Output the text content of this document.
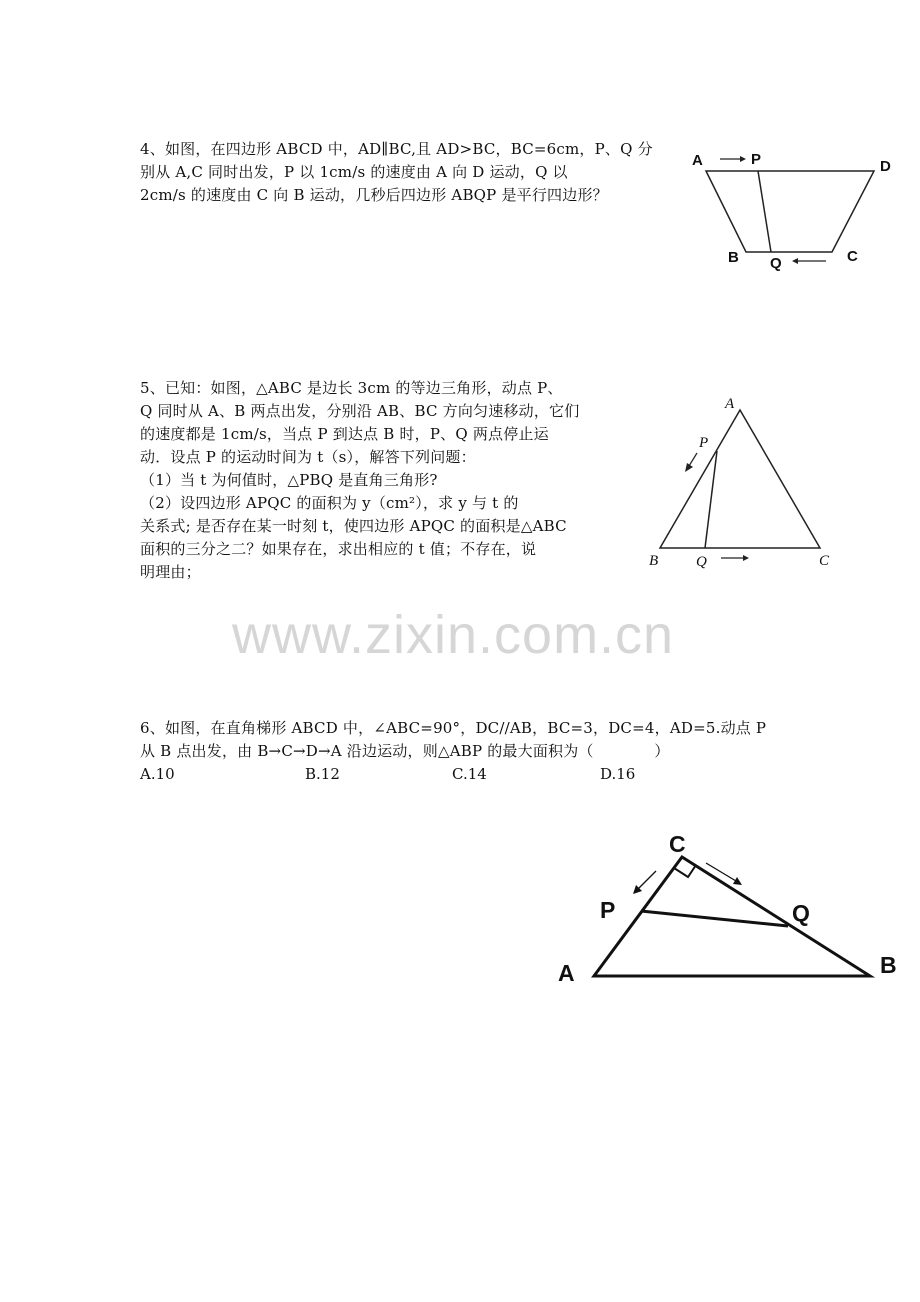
4、如图，在四边形 ABCD 中，AD∥BC,且 AD>BC，BC=6cm，P、Q 分

别从 A,C 同时出发，P 以 1cm/s 的速度由 A 向 D 运动，Q 以

2cm/s 的速度由 C 向 B 运动，几秒后四边形 ABQP 是平行四边形？

A	P	D
B Q	C

5、已知：如图，△ABC 是边长 3cm 的等边三角形，动点 P、

Q 同时从 A、B 两点出发，分别沿 AB、BC 方向匀速移动，它们

的速度都是 1cm/s，当点 P 到达点 B 时，P、Q 两点停止运

动．设点 P 的运动时间为 t（s），解答下列问题：

（1）当 t 为何值时，△PBQ 是直角三角形?

（2）设四边形 APQC 的面积为 y（cm²），求 y 与 t 的

关系式; 是否存在某一时刻 t，使四边形 APQC 的面积是△ABC

面积的三分之二？如果存在，求出相应的 t 值；不存在，说

明理由；

A
P
B	Q	C
www.zixin.com.cn

6、如图，在直角梯形 ABCD 中，∠ABC=90°，DC//AB，BC=3，DC=4，AD=5.动点 P

从 B 点出发，由 B→C→D→A 沿边运动，则△ABP 的最大面积为（　　　　）

A.10	B.12	C.14	D.16
C
P	Q
A	B
